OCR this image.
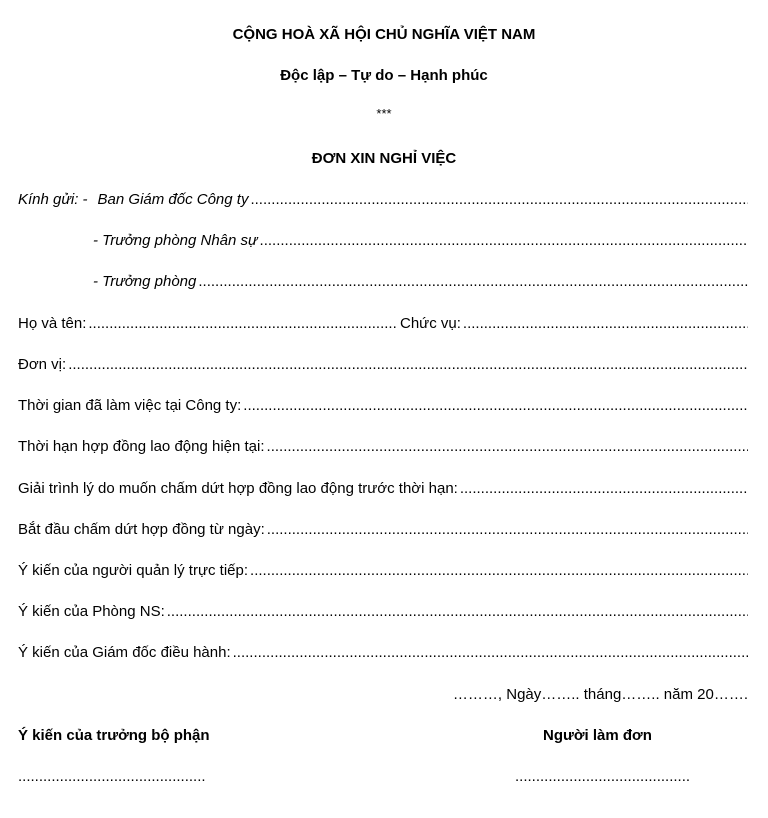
CỘNG HOÀ XÃ HỘI CHỦ NGHĨA VIỆT NAM
Độc lập – Tự do – Hạnh phúc
***
ĐƠN XIN NGHỈ VIỆC
Kính gửi: - Ban Giám đốc Công ty
.....
- Trưởng phòng Nhân sự
.....
- Trưởng phòng
.....
Họ và tên:
.....	Chức vụ:
.....
Đơn vị:
.....
Thời gian đã làm việc tại Công ty:
.....
Thời hạn hợp đồng lao động hiện tại:
.....
Giải trình lý do muốn chấm dứt hợp đồng lao động trước thời hạn:
.....
Bắt đầu chấm dứt hợp đồng từ ngày:
.....
Ý kiến của người quản lý trực tiếp:
.....
Ý kiến của Phòng NS:
.....
Ý kiến của Giám đốc điều hành:
.....
………, Ngày…….. tháng…….. năm 20…….
Ý kiến của trưởng bộ phận	Người làm đơn
.............................................	..........................................
